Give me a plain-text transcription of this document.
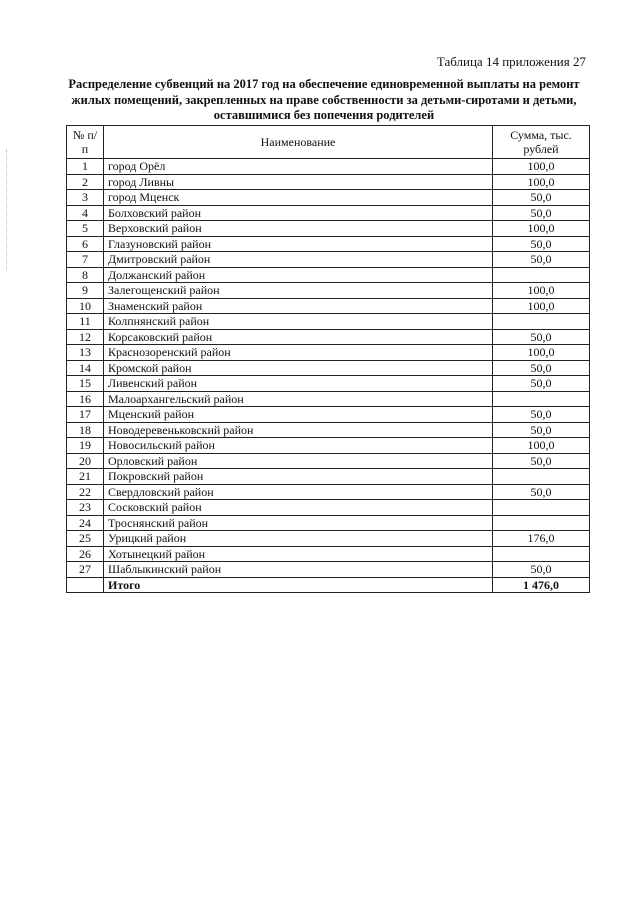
Таблица 14 приложения 27
Распределение субвенций на 2017 год на обеспечение единовременной выплаты на ремонт жилых помещений, закрепленных на праве собственности за детьми-сиротами и детьми, оставшимися без попечения родителей
№ п/п	Наименование	Сумма, тыс. рублей
1	город Орёл	100,0
2	город Ливны	100,0
3	город Мценск	50,0
4	Болховский район	50,0
5	Верховский район	100,0
6	Глазуновский район	50,0
7	Дмитровский район	50,0
8	Должанский район	
9	Залегощенский район	100,0
10	Знаменский район	100,0
11	Колпнянский район	
12	Корсаковский район	50,0
13	Краснозоренский район	100,0
14	Кромской район	50,0
15	Ливенский район	50,0
16	Малоархангельский район	
17	Мценский район	50,0
18	Новодеревеньковский район	50,0
19	Новосильский район	100,0
20	Орловский район	50,0
21	Покровский район	
22	Свердловский район	50,0
23	Сосковский район	
24	Троснянский район	
25	Урицкий район	176,0
26	Хотынецкий район	
27	Шаблыкинский район	50,0
	Итого	1 476,0
